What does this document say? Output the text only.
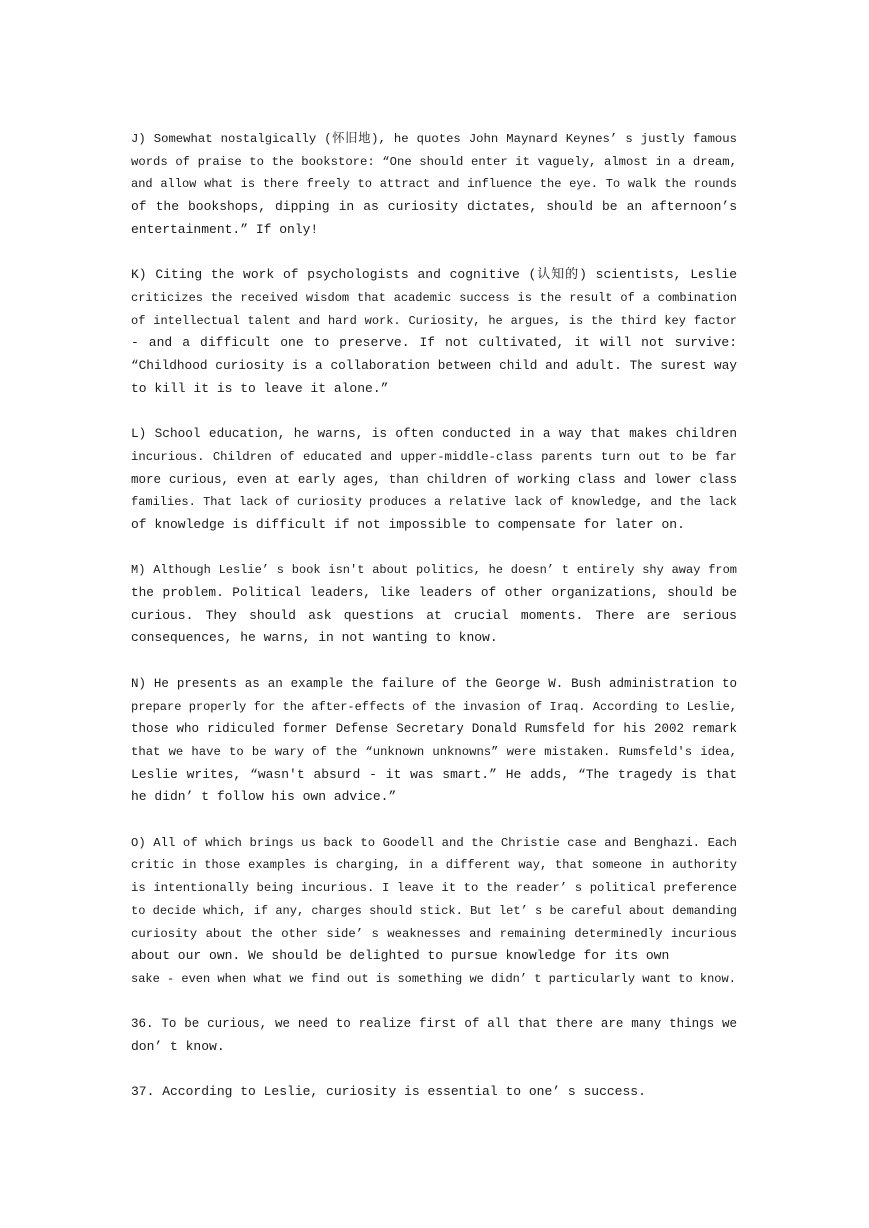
J) Somewhat nostalgically (怀旧地), he quotes John Maynard Keynes’ s justly famous
words of praise to the bookstore: “One should enter it vaguely, almost in a dream,
and allow what is there freely to attract and influence the eye. To walk the rounds
of the bookshops, dipping in as curiosity dictates, should be an afternoon’s
entertainment.” If only!

K) Citing the work of psychologists and cognitive (认知的) scientists, Leslie
criticizes the received wisdom that academic success is the result of a combination
of intellectual talent and hard work. Curiosity, he argues, is the third key factor
- and a difficult one to preserve. If not cultivated, it will not survive:
“Childhood curiosity is a collaboration between child and adult. The surest way
to kill it is to leave it alone.”

L) School education, he warns, is often conducted in a way that makes children
incurious. Children of educated and upper-middle-class parents turn out to be far
more curious, even at early ages, than children of working class and lower class
families. That lack of curiosity produces a relative lack of knowledge, and the lack
of knowledge is difficult if not impossible to compensate for later on.

M) Although Leslie’ s book isn't about politics, he doesn’ t entirely shy away from
the problem. Political leaders, like leaders of other organizations, should be
curious. They should ask questions at crucial moments. There are serious
consequences, he warns, in not wanting to know.

N) He presents as an example the failure of the George W. Bush administration to
prepare properly for the after-effects of the invasion of Iraq. According to Leslie,
those who ridiculed former Defense Secretary Donald Rumsfeld for his 2002 remark
that we have to be wary of the “unknown unknowns” were mistaken. Rumsfeld's idea,
Leslie writes, “wasn't absurd - it was smart.” He adds, “The tragedy is that
he didn’ t follow his own advice.”

O) All of which brings us back to Goodell and the Christie case and Benghazi. Each
critic in those examples is charging, in a different way, that someone in authority
is intentionally being incurious. I leave it to the reader’ s political preference
to decide which, if any, charges should stick. But let’ s be careful about demanding
curiosity about the other side’ s weaknesses and remaining determinedly incurious
about our own. We should be delighted to pursue knowledge for its own
sake - even when what we find out is something we didn’ t particularly want to know.

36. To be curious, we need to realize first of all that there are many things we
don’ t know.

37. According to Leslie, curiosity is essential to one’ s success.
